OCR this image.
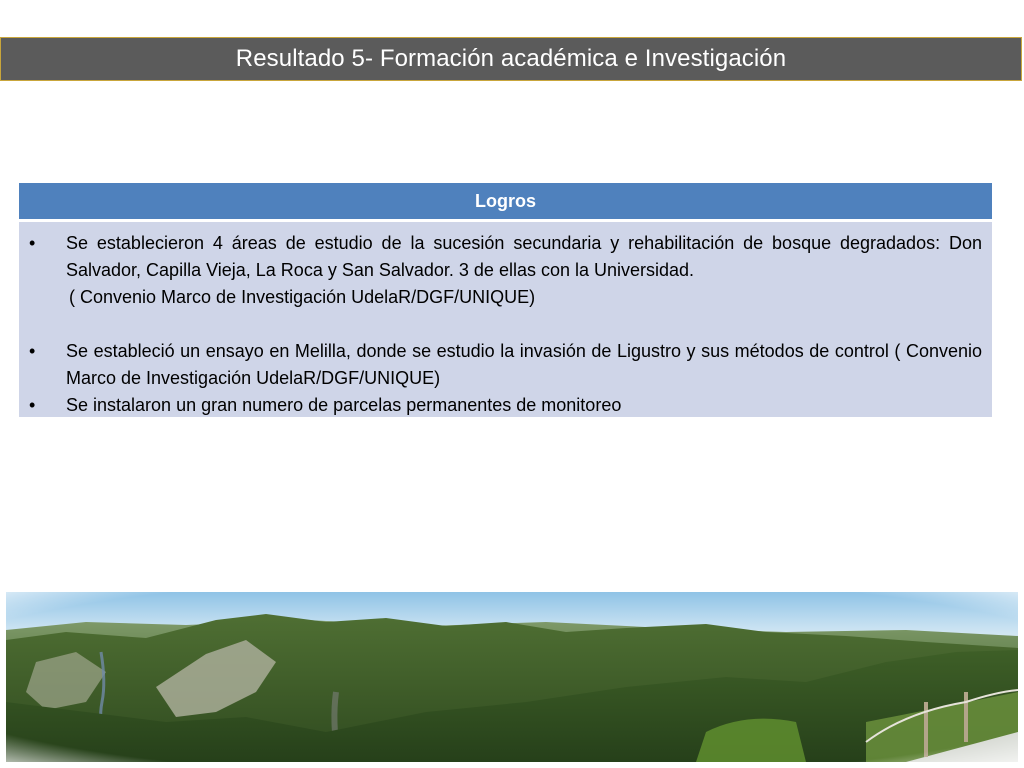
Resultado 5- Formación académica e Investigación
Logros
•	Se establecieron 4 áreas de estudio de la sucesión secundaria y rehabilitación de bosque degradados: Don Salvador, Capilla Vieja, La Roca y San Salvador. 3 de ellas con la Universidad.
( Convenio Marco de Investigación UdelaR/DGF/UNIQUE)
•	Se estableció un ensayo en Melilla, donde se estudio la invasión de Ligustro y sus métodos de control ( Convenio Marco de Investigación UdelaR/DGF/UNIQUE)
•	Se instalaron un gran numero de parcelas permanentes de monitoreo
